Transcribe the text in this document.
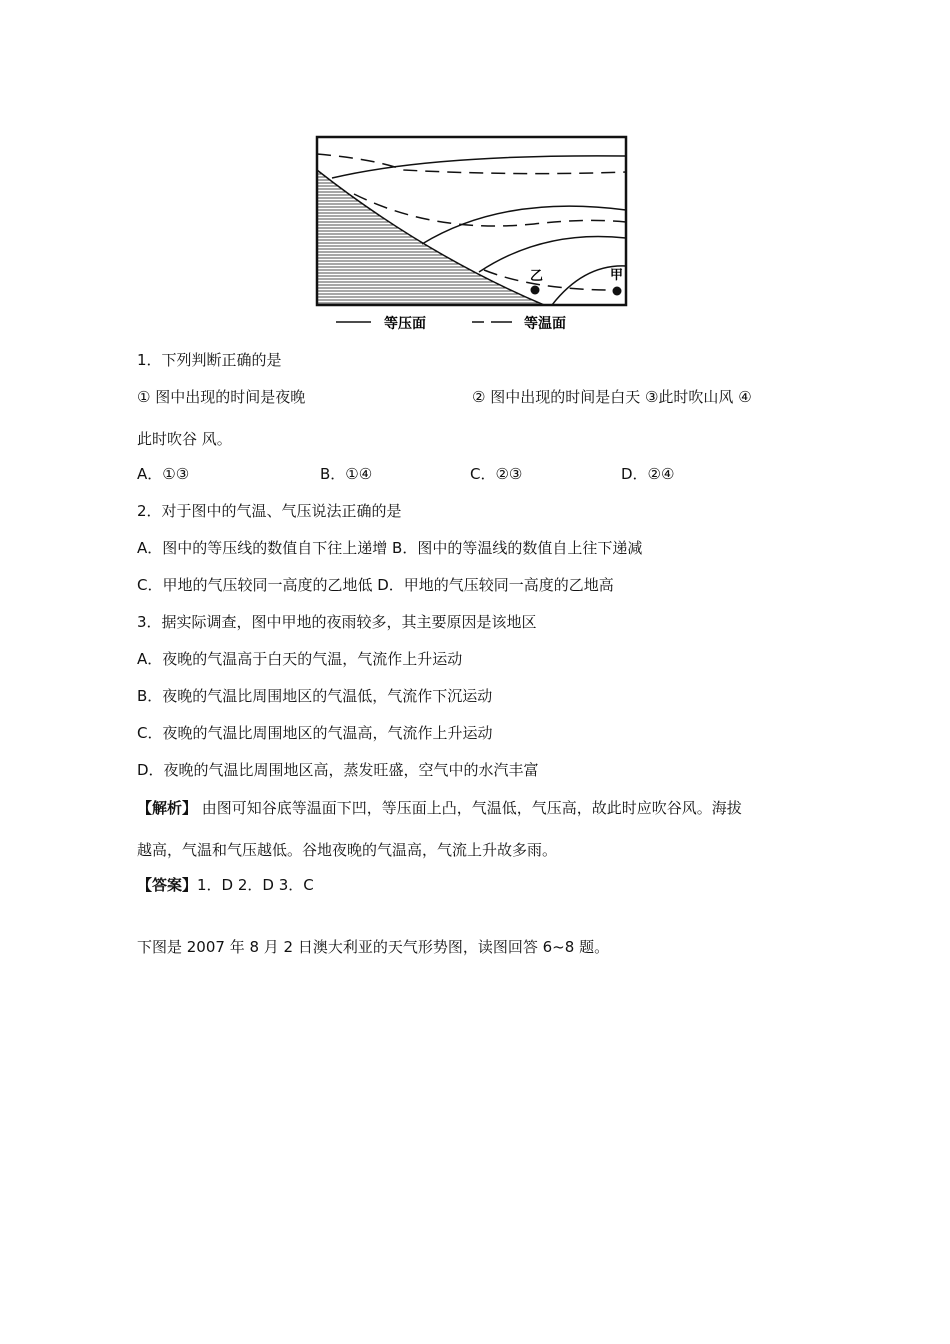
乙	甲
等压面	等温面
1．下列判断正确的是
① 图中出现的时间是夜晚	② 图中出现的时间是白天 ③此时吹山风 ④
此时吹谷 风。
A．①③	B．①④	C．②③	D．②④
2．对于图中的气温、气压说法正确的是
A．图中的等压线的数值自下往上递增 B．图中的等温线的数值自上往下递减
C．甲地的气压较同一高度的乙地低 D．甲地的气压较同一高度的乙地高
3．据实际调查，图中甲地的夜雨较多，其主要原因是该地区
A．夜晚的气温高于白天的气温，气流作上升运动
B．夜晚的气温比周围地区的气温低，气流作下沉运动
C．夜晚的气温比周围地区的气温高，气流作上升运动
D．夜晚的气温比周围地区高，蒸发旺盛，空气中的水汽丰富
【解析】 由图可知谷底等温面下凹，等压面上凸，气温低，气压高，故此时应吹谷风。海拔
越高，气温和气压越低。谷地夜晚的气温高，气流上升故多雨。
【答案】1．D 2．D 3．C
下图是 2007 年 8 月 2 日澳大利亚的天气形势图，读图回答 6~8 题。
